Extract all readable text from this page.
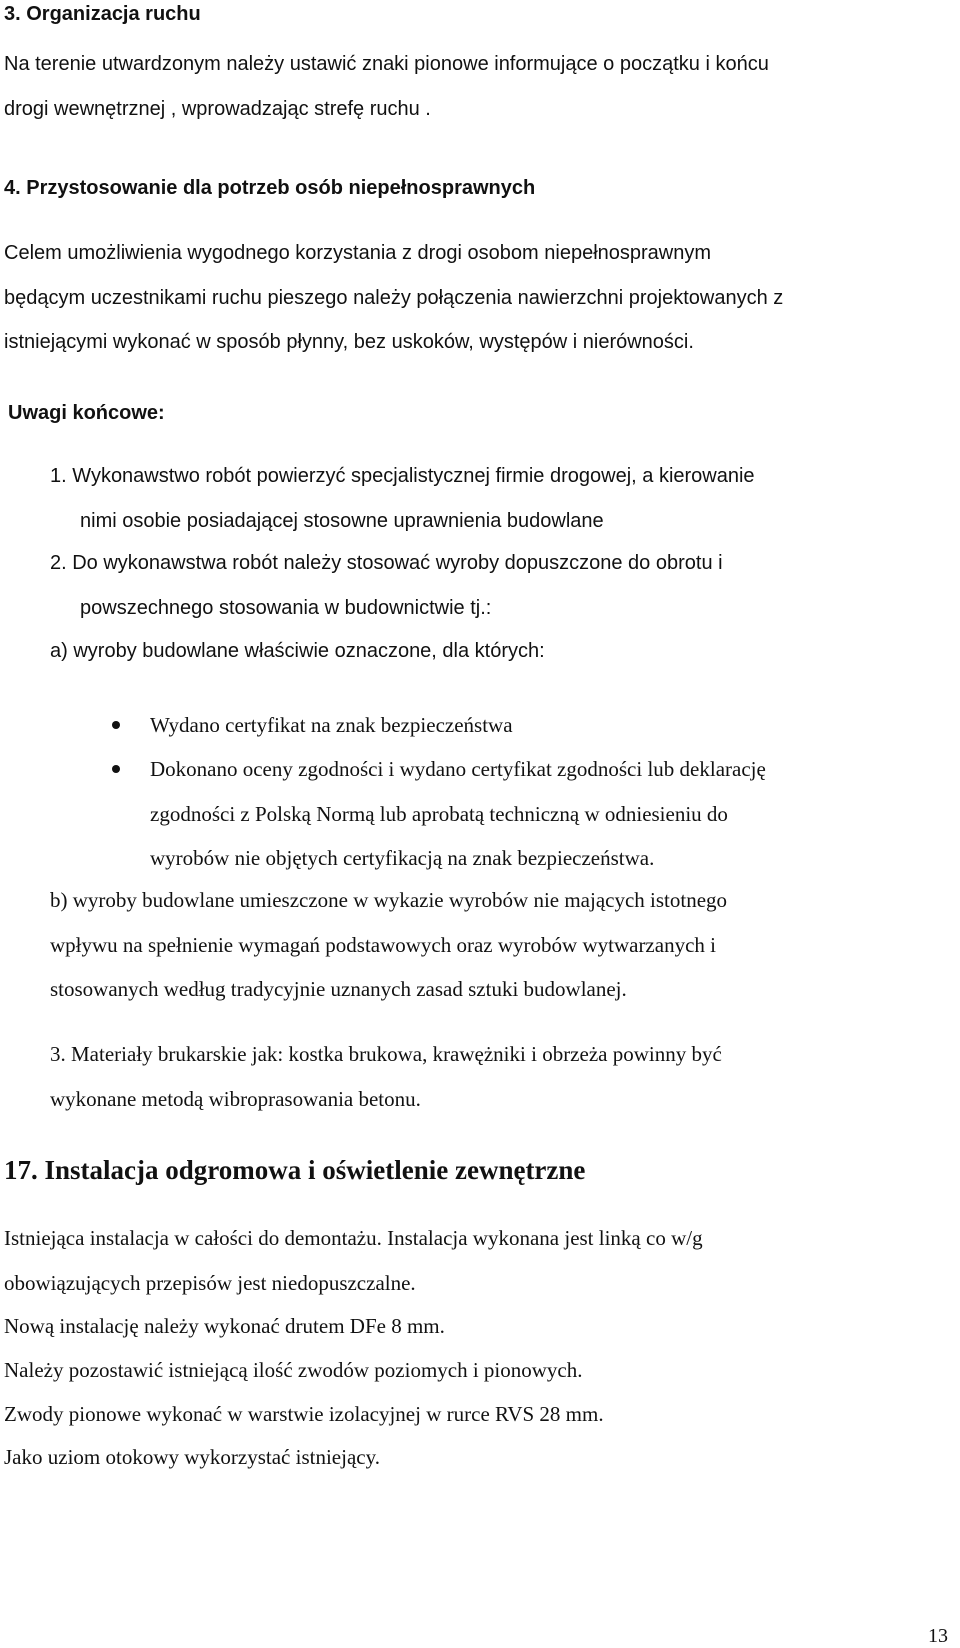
3. Organizacja ruchu
Na terenie utwardzonym należy ustawić znaki pionowe informujące o początku i końcu
drogi wewnętrznej , wprowadzając strefę ruchu .
4. Przystosowanie dla potrzeb osób niepełnosprawnych
Celem umożliwienia wygodnego korzystania z drogi osobom niepełnosprawnym
będącym uczestnikami ruchu pieszego należy połączenia nawierzchni projektowanych z
istniejącymi wykonać w sposób płynny, bez uskoków, występów i nierówności.
Uwagi końcowe:
1. Wykonawstwo robót powierzyć specjalistycznej firmie drogowej, a kierowanie
nimi osobie posiadającej stosowne uprawnienia budowlane
2. Do wykonawstwa robót należy stosować wyroby dopuszczone do obrotu i
powszechnego stosowania w budownictwie tj.:
a) wyroby budowlane właściwie oznaczone, dla których:
Wydano certyfikat na znak bezpieczeństwa
Dokonano oceny zgodności i wydano certyfikat zgodności lub deklarację
zgodności z Polską Normą lub aprobatą techniczną w odniesieniu do
wyrobów nie objętych certyfikacją na znak bezpieczeństwa.
b) wyroby budowlane umieszczone w wykazie wyrobów nie mających istotnego
wpływu na spełnienie wymagań podstawowych oraz wyrobów wytwarzanych i
stosowanych według tradycyjnie uznanych zasad sztuki budowlanej.
3. Materiały brukarskie jak: kostka brukowa, krawężniki i obrzeża powinny być
wykonane metodą wibroprasowania betonu.
17. Instalacja odgromowa i oświetlenie zewnętrzne
Istniejąca instalacja w całości do demontażu. Instalacja wykonana jest linką co w/g
obowiązujących przepisów jest niedopuszczalne.
Nową instalację należy wykonać drutem DFe 8 mm.
Należy pozostawić istniejącą ilość zwodów poziomych i pionowych.
Zwody pionowe wykonać w warstwie izolacyjnej w rurce RVS 28 mm.
Jako uziom otokowy wykorzystać istniejący.
13
